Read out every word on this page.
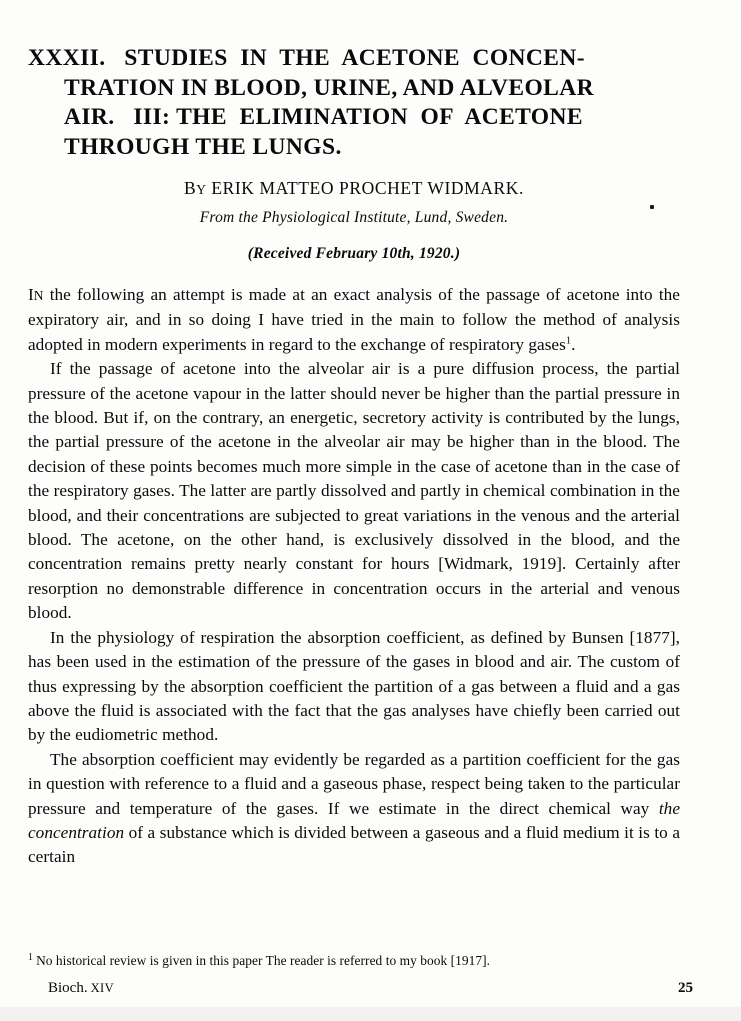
XXXII.   STUDIES  IN  THE  ACETONE  CONCEN-
TRATION IN BLOOD, URINE, AND ALVEOLAR
AIR.   III: THE  ELIMINATION  OF  ACETONE
THROUGH THE LUNGS.
BY ERIK MATTEO PROCHET WIDMARK.
From the Physiological Institute, Lund, Sweden.
(Received February 10th, 1920.)

IN the following an attempt is made at an exact analysis of the passage of acetone into the expiratory air, and in so doing I have tried in the main to follow the method of analysis adopted in modern experiments in regard to the exchange of respiratory gases$^1$.

If the passage of acetone into the alveolar air is a pure diffusion process, the partial pressure of the acetone vapour in the latter should never be higher than the partial pressure in the blood. But if, on the contrary, an energetic, secretory activity is contributed by the lungs, the partial pressure of the acetone in the alveolar air may be higher than in the blood. The decision of these points becomes much more simple in the case of acetone than in the case of the respiratory gases. The latter are partly dissolved and partly in chemical combination in the blood, and their concentrations are subjected to great variations in the venous and the arterial blood. The acetone, on the other hand, is exclusively dissolved in the blood, and the concentration remains pretty nearly constant for hours [Widmark, 1919]. Certainly after resorption no demonstrable difference in concentration occurs in the arterial and venous blood.

In the physiology of respiration the absorption coefficient, as defined by Bunsen [1877], has been used in the estimation of the pressure of the gases in blood and air. The custom of thus expressing by the absorption coefficient the partition of a gas between a fluid and a gas above the fluid is associated with the fact that the gas analyses have chiefly been carried out by the eudiometric method.

The absorption coefficient may evidently be regarded as a partition coefficient for the gas in question with reference to a fluid and a gaseous phase, respect being taken to the particular pressure and temperature of the gases. If we estimate in the direct chemical way the concentration of a substance which is divided between a gaseous and a fluid medium it is to a certain

$^1$ No historical review is given in this paper The reader is referred to my book [1917].
Bioch. XIV	25
